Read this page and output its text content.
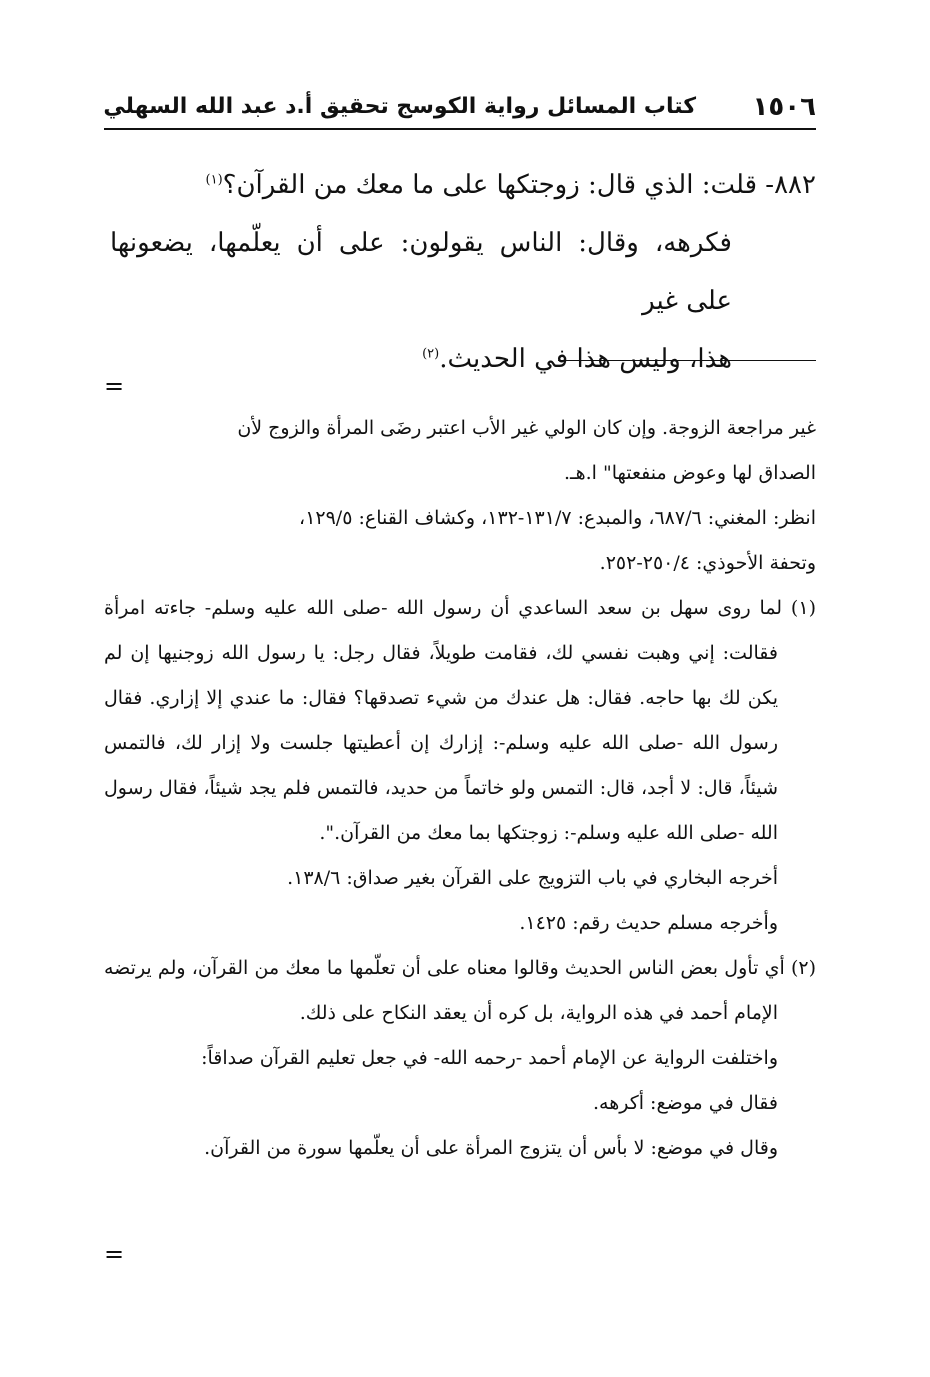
١٥٠٦
كتاب المسائل رواية الكوسج تحقيق أ.د عبد الله السهلي

٨٨٢- قلت: الذي قال: زوجتكها على ما معك من القرآن؟$^{(١)}$

فكرهه، وقال: الناس يقولون: على أن يعلّمها، يضعونها على غير

هذا، وليس هذا في الحديث.$^{(٢)}$

=

غير مراجعة الزوجة. وإن كان الولي غير الأب اعتبر رضَى المرأة والزوج لأن

الصداق لها وعوض منفعتها" ا.هـ.

انظر: المغني: ٦٨٧/٦، والمبدع: ١٣١/٧-١٣٢، وكشاف القناع: ١٢٩/٥،

وتحفة الأحوذي: ٢٥٠/٤-٢٥٢.

(١) لما روى سهل بن سعد الساعدي أن رسول الله -صلى الله عليه وسلم- جاءته امرأة فقالت: إني وهبت نفسي لك، فقامت طويلاً، فقال رجل: يا رسول الله زوجنيها إن لم يكن لك بها حاجه. فقال: هل عندك من شيء تصدقها؟ فقال: ما عندي إلا إزاري. فقال رسول الله -صلى الله عليه وسلم-: إزارك إن أعطيتها جلست ولا إزار لك، فالتمس شيئاً، قال: لا أجد، قال: التمس ولو خاتماً من حديد، فالتمس فلم يجد شيئاً، فقال رسول الله -صلى الله عليه وسلم-: زوجتكها بما معك من القرآن.".

أخرجه البخاري في باب التزويج على القرآن بغير صداق: ١٣٨/٦.

وأخرجه مسلم حديث رقم: ١٤٢٥.

(٢) أي تأول بعض الناس الحديث وقالوا معناه على أن تعلّمها ما معك من القرآن، ولم يرتضه الإمام أحمد في هذه الرواية، بل كره أن يعقد النكاح على ذلك.

واختلفت الرواية عن الإمام أحمد -رحمه الله- في جعل تعليم القرآن صداقاً:

فقال في موضع: أكرهه.

وقال في موضع: لا بأس أن يتزوج المرأة على أن يعلّمها سورة من القرآن.

=
